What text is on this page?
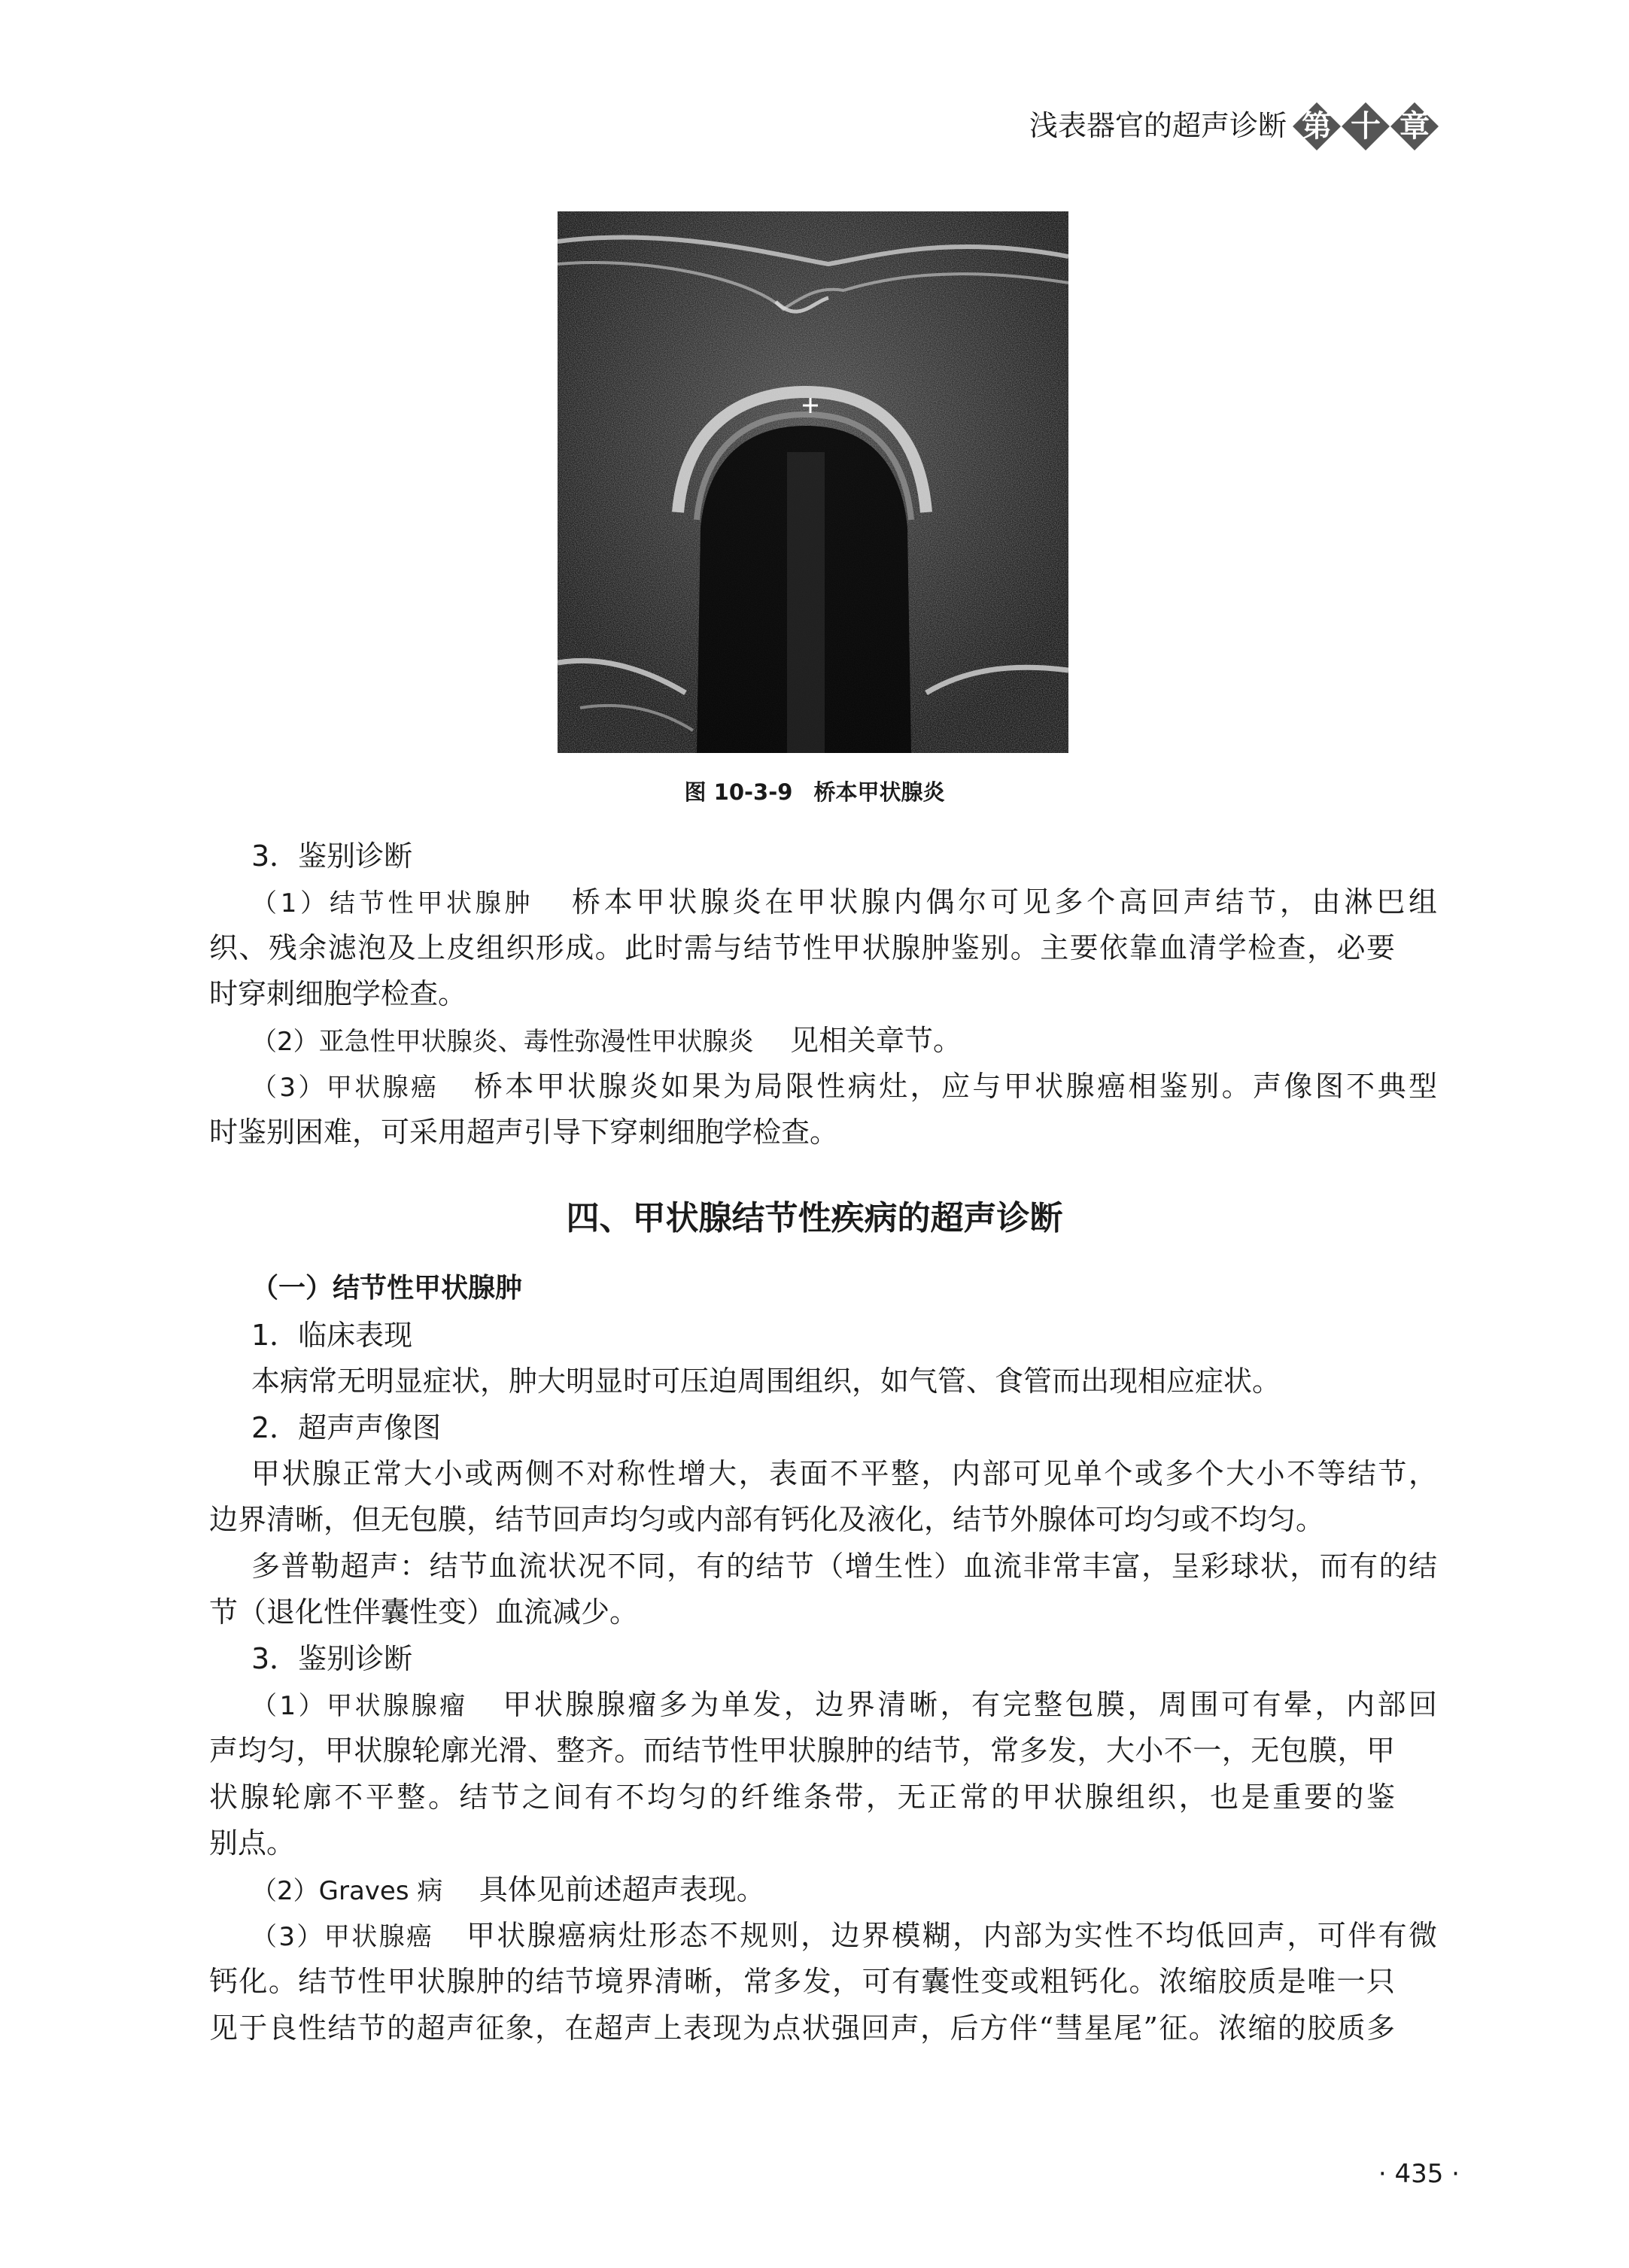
浅表器官的超声诊断 第 十 章
图 10-3-9 桥本甲状腺炎
3．鉴别诊断
（1）结节性甲状腺肿 桥本甲状腺炎在甲状腺内偶尔可见多个高回声结节，由淋巴组
织、残余滤泡及上皮组织形成。此时需与结节性甲状腺肿鉴别。主要依靠血清学检查，必要
时穿刺细胞学检查。
（2）亚急性甲状腺炎、毒性弥漫性甲状腺炎 见相关章节。
（3）甲状腺癌 桥本甲状腺炎如果为局限性病灶，应与甲状腺癌相鉴别。声像图不典型
时鉴别困难，可采用超声引导下穿刺细胞学检查。
四、甲状腺结节性疾病的超声诊断
（一）结节性甲状腺肿
1．临床表现
本病常无明显症状，肿大明显时可压迫周围组织，如气管、食管而出现相应症状。
2．超声声像图
甲状腺正常大小或两侧不对称性增大，表面不平整，内部可见单个或多个大小不等结节，
边界清晰，但无包膜，结节回声均匀或内部有钙化及液化，结节外腺体可均匀或不均匀。
多普勒超声：结节血流状况不同，有的结节（增生性）血流非常丰富，呈彩球状，而有的结
节（退化性伴囊性变）血流减少。
3．鉴别诊断
（1）甲状腺腺瘤 甲状腺腺瘤多为单发，边界清晰，有完整包膜，周围可有晕，内部回
声均匀，甲状腺轮廓光滑、整齐。而结节性甲状腺肿的结节，常多发，大小不一，无包膜，甲
状腺轮廓不平整。结节之间有不均匀的纤维条带，无正常的甲状腺组织，也是重要的鉴
别点。
（2）Graves 病 具体见前述超声表现。
（3）甲状腺癌 甲状腺癌病灶形态不规则，边界模糊，内部为实性不均低回声，可伴有微
钙化。结节性甲状腺肿的结节境界清晰，常多发，可有囊性变或粗钙化。浓缩胶质是唯一只
见于良性结节的超声征象，在超声上表现为点状强回声，后方伴“彗星尾”征。浓缩的胶质多
· 435 ·
